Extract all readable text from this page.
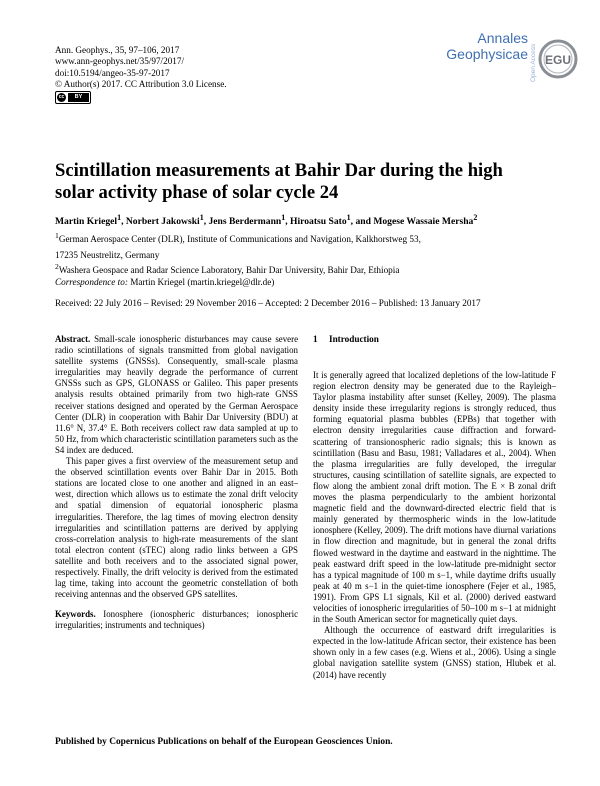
Ann. Geophys., 35, 97–106, 2017
www.ann-geophys.net/35/97/2017/
doi:10.5194/angeo-35-97-2017
© Author(s) 2017. CC Attribution 3.0 License.
cc	BY
Annales
Geophysicae Open Access EGU
Scintillation measurements at Bahir Dar during the high solar activity phase of solar cycle 24
Martin Kriegel$^1$, Norbert Jakowski$^1$, Jens Berdermann$^1$, Hiroatsu Sato$^1$, and Mogese Wassaie Mersha$^2$
$^1$German Aerospace Center (DLR), Institute of Communications and Navigation, Kalkhorstweg 53,
17235 Neustrelitz, Germany
$^2$Washera Geospace and Radar Science Laboratory, Bahir Dar University, Bahir Dar, Ethiopia
Correspondence to: Martin Kriegel (martin.kriegel@dlr.de)
Received: 22 July 2016 – Revised: 29 November 2016 – Accepted: 2 December 2016 – Published: 13 January 2017

Abstract. Small-scale ionospheric disturbances may cause severe radio scintillations of signals transmitted from global navigation satellite systems (GNSSs). Consequently, small-scale plasma irregularities may heavily degrade the performance of current GNSSs such as GPS, GLONASS or Galileo. This paper presents analysis results obtained primarily from two high-rate GNSS receiver stations designed and operated by the German Aerospace Center (DLR) in cooperation with Bahir Dar University (BDU) at 11.6° N, 37.4° E. Both receivers collect raw data sampled at up to 50 Hz, from which characteristic scintillation parameters such as the S4 index are deduced.

This paper gives a first overview of the measurement setup and the observed scintillation events over Bahir Dar in 2015. Both stations are located close to one another and aligned in an east–west, direction which allows us to estimate the zonal drift velocity and spatial dimension of equatorial ionospheric plasma irregularities. Therefore, the lag times of moving electron density irregularities and scintillation patterns are derived by applying cross-correlation analysis to high-rate measurements of the slant total electron content (sTEC) along radio links between a GPS satellite and both receivers and to the associated signal power, respectively. Finally, the drift velocity is derived from the estimated lag time, taking into account the geometric constellation of both receiving antennas and the observed GPS satellites.

Keywords. Ionosphere (ionospheric disturbances; ionospheric irregularities; instruments and techniques)

1 Introduction

It is generally agreed that localized depletions of the low-latitude F region electron density may be generated due to the Rayleigh–Taylor plasma instability after sunset (Kelley, 2009). The plasma density inside these irregularity regions is strongly reduced, thus forming equatorial plasma bubbles (EPBs) that together with electron density irregularities cause diffraction and forward-scattering of transionospheric radio signals; this is known as scintillation (Basu and Basu, 1981; Valladares et al., 2004). When the plasma irregularities are fully developed, the irregular structures, causing scintillation of satellite signals, are expected to flow along the ambient zonal drift motion. The E × B zonal drift moves the plasma perpendicularly to the ambient horizontal magnetic field and the downward-directed electric field that is mainly generated by thermospheric winds in the low-latitude ionosphere (Kelley, 2009). The drift motions have diurnal variations in flow direction and magnitude, but in general the zonal drifts flowed westward in the daytime and eastward in the nighttime. The peak eastward drift speed in the low-latitude pre-midnight sector has a typical magnitude of 100 m s−1, while daytime drifts usually peak at 40 m s−1 in the quiet-time ionosphere (Fejer et al., 1985, 1991). From GPS L1 signals, Kil et al. (2000) derived eastward velocities of ionospheric irregularities of 50–100 m s−1 at midnight in the South American sector for magnetically quiet days.

Although the occurrence of eastward drift irregularities is expected in the low-latitude African sector, their existence has been shown only in a few cases (e.g. Wiens et al., 2006). Using a single global navigation satellite system (GNSS) station, Hlubek et al. (2014) have recently

Published by Copernicus Publications on behalf of the European Geosciences Union.
